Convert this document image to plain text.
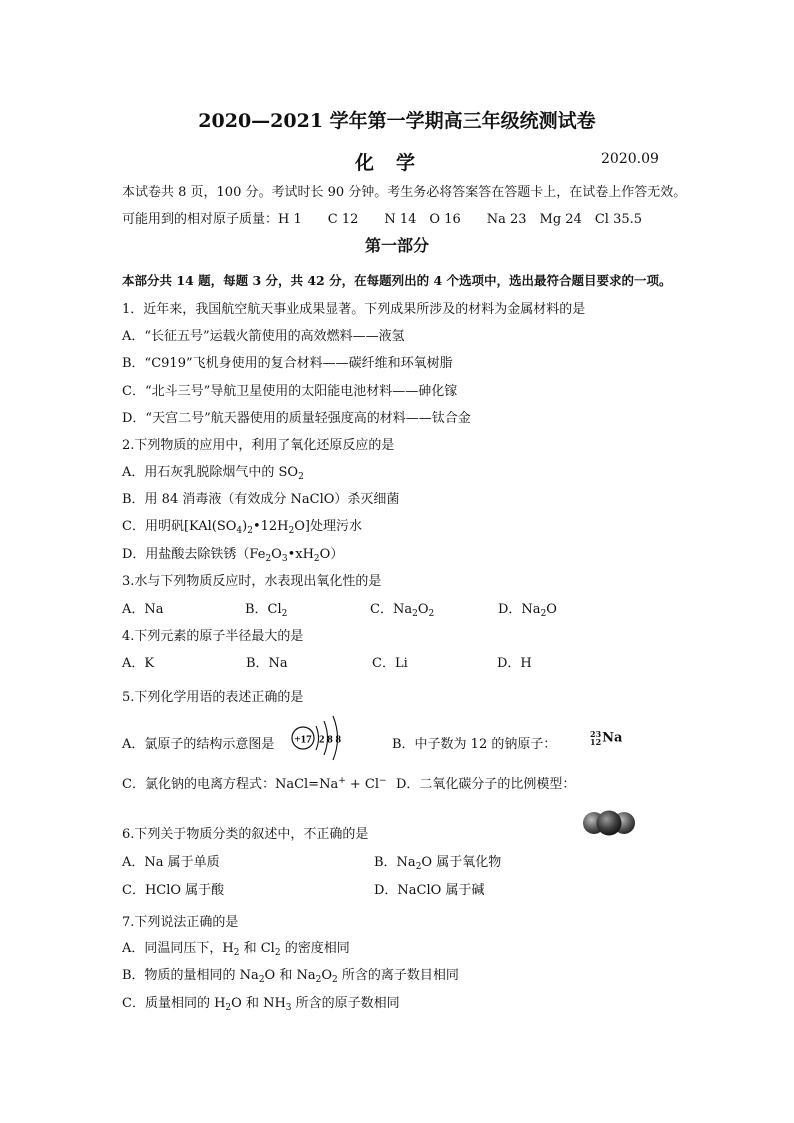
2020—2021 学年第一学期高三年级统测试卷
化学	2020.09
本试卷共 8 页，100 分。考试时长 90 分钟。考生务必将答案答在答题卡上，在试卷上作答无效。
可能用到的相对原子质量：H 1　　C 12　　N 14　O 16　　Na 23　Mg 24　Cl 35.5
第一部分
本部分共 14 题，每题 3 分，共 42 分，在每题列出的 4 个选项中，选出最符合题目要求的一项。
1．近年来，我国航空航天事业成果显著。下列成果所涉及的材料为金属材料的是
A．“长征五号”运载火箭使用的高效燃料——液氢
B．“C919”飞机身使用的复合材料——碳纤维和环氧树脂
C．“北斗三号”导航卫星使用的太阳能电池材料——砷化镓
D．“天宫二号”航天器使用的质量轻强度高的材料——钛合金
2.下列物质的应用中，利用了氧化还原反应的是
A．用石灰乳脱除烟气中的 $SO_2$
B．用 84 消毒液（有效成分 NaClO）杀灭细菌
C．用明矾$[KAl(SO_4)_2•12H_2O]$处理污水
D．用盐酸去除铁锈$(Fe_2O_3•xH_2O)$
3.水与下列物质反应时，水表现出氧化性的是
A．Na	B．$Cl_2$	C．$Na_2O_2$	D．$Na_2O$
4.下列元素的原子半径最大的是
A．K	B．Na	C．Li	D．H
5.下列化学用语的表述正确的是
A．氯原子的结构示意图是 +17 2 8 8	B．中子数为 12 的钠原子：
23
12Na
C．氯化钠的电离方程式：NaCl=Na+ + Cl− D．二氧化碳分子的比例模型：
6.下列关于物质分类的叙述中，不正确的是
A．Na 属于单质	B．$Na_2O$ 属于氧化物
C．HClO 属于酸	D．NaClO 属于碱
7.下列说法正确的是
A．同温同压下，$H_2$ 和 $Cl_2$ 的密度相同
B．物质的量相同的 $Na_2O$ 和 $Na_2O_2$ 所含的离子数目相同
C．质量相同的 $H_2O$ 和 $NH_3$ 所含的原子数相同
